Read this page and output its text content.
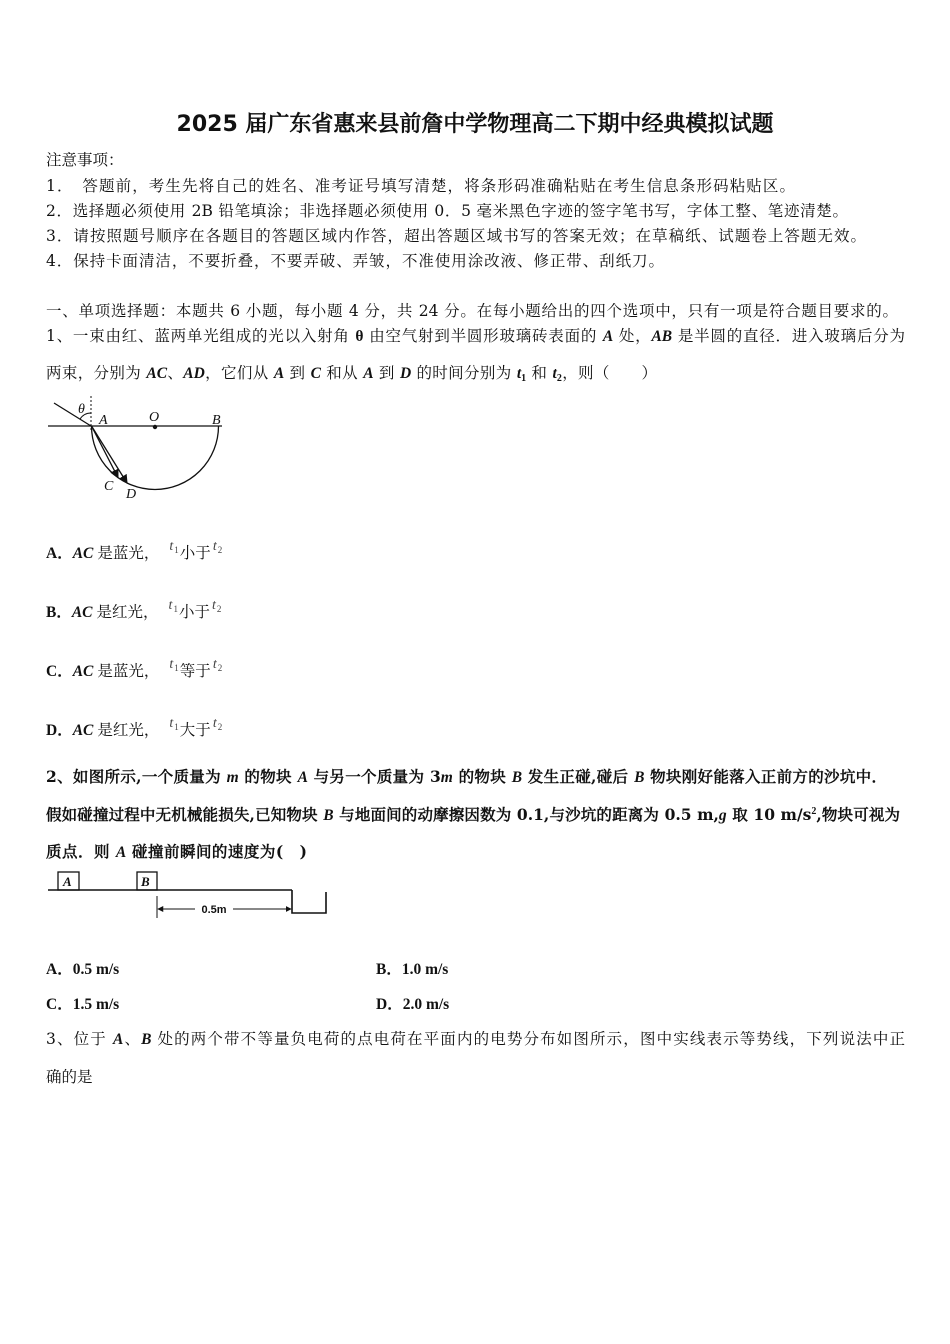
2025 届广东省惠来县前詹中学物理高二下期中经典模拟试题
注意事项：
1．　答题前，考生先将自己的姓名、准考证号填写清楚，将条形码准确粘贴在考生信息条形码粘贴区。
2．选择题必须使用 2B 铅笔填涂；非选择题必须使用 0．5 毫米黑色字迹的签字笔书写，字体工整、笔迹清楚。
3．请按照题号顺序在各题目的答题区域内作答，超出答题区域书写的答案无效；在草稿纸、试题卷上答题无效。
4．保持卡面清洁，不要折叠，不要弄破、弄皱，不准使用涂改液、修正带、刮纸刀。
一、单项选择题：本题共 6 小题，每小题 4 分，共 24 分。在每小题给出的四个选项中，只有一项是符合题目要求的。
1、一束由红、蓝两单光组成的光以入射角 θ 由空气射到半圆形玻璃砖表面的 A 处，AB 是半圆的直径．进入玻璃后分为
两束，分别为 AC、AD，它们从 A 到 C 和从 A 到 D 的时间分别为 t1 和 t2，则（　　）
θ
A	O	B
C
D
A．AC 是蓝光， $t_1$小于 $t_2$
B．AC 是红光， $t_1$小于 $t_2$
C．AC 是蓝光， $t_1$等于 $t_2$
D．AC 是红光， $t_1$大于 $t_2$
2、如图所示,一个质量为 m 的物块 A 与另一个质量为 3m 的物块 B 发生正碰,碰后 B 物块刚好能落入正前方的沙坑中．
假如碰撞过程中无机械能损失,已知物块 B 与地面间的动摩擦因数为 0.1,与沙坑的距离为 0.5 m,g 取 10 $m/s^2$,物块可视为
质点．则 A 碰撞前瞬间的速度为(　)
A	B
0.5m
A．0.5 m/s	B．1.0 m/s
C．1.5 m/s	D．2.0 m/s
3、位于 A、B 处的两个带不等量负电荷的点电荷在平面内的电势分布如图所示，图中实线表示等势线，下列说法中正
确的是
